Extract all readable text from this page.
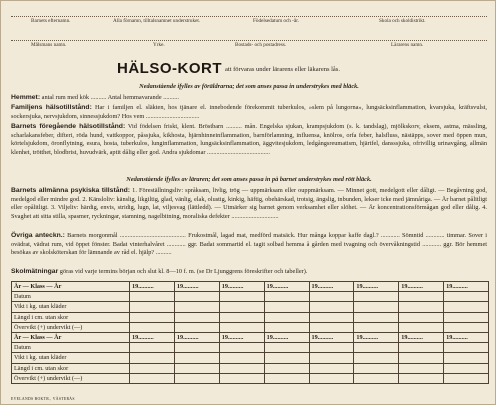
Barnets efternamn.	Alla förnamn, tilltalsnamnet understruket.	Födelsedatum och -år.	Skola och skoldistrikt.
Målsmans namn.	Yrke.	Bostads- och postadress.	Lärarens namn.
HÄLSO-KORT att förvaras under lärarens eller läkarens lås.
Nedanstående ifylles av föräldrarna; det som anses passa in understrykes med bläck.
Hemmet: antal rum med kök .......... Antal hemmavarande ..........
Familjens hälsotillstånd: Har i familjen el. släkten, hos tjänare el. innebodende förekommit tuberkulos, »slem på lungorna», lungsäcksinflammation, kvarsjuka, kräftsvulst, sockersjuka, nervsjukdom, sinnessjukdom? Hos vem ..................................
Barnets föregående hälsotillstånd: Vid födelsen friskt, klent. Bröstbarn .......... mån. Engelska sjukan, krampsjukdom (s. k. tandslag), mjölkskorv, eksem, astma, mässling, scharlakansfeber, difteri, röda hund, vattkoppor, påssjuka, kikhosta, hjärnhinneinflammation, barnförlamning, influensa, knölros, orfa feber, halsfluss, nästäpps, sover med öppen mun, körtelsjukdom, öronflytning, esura, hosta, tuberkulos, lunginflammation, lungsäcksinflammation, äggvitesjukdom, ledgångsreumatism, hjärtfel, dansssjuka, ofrivillig urinavgång, allmän klenhet, trötthet, blodbrist, huvudvärk, aptit dålig eller god. Andra sjukdomar ........................................
Nedanstående ifylles av läraren; det som anses passa in på barnet understrykes med rött bläck.
Barnets allmänna psykiska tillstånd: 1. Föreställningsliv: språksam, livlig, trög — uppmärksam eller ouppmärksam. — Minnet gott, medelgott eller dåligt. — Begåvning god, medelgod eller mindre god. 2. Känsloliv: känslig, likgiltig, glad, vänlig, elak, olustig, kinkig, häftig, obehärskad, trotsig, ängslig, inbunden, lekser icke med jämnåriga. — Är barnet pålitligt eller opålitligt. 3. Viljeliv: härdig, envis, stridig, lugn, lat, viljesvag (lättledd). — Utmärker sig barnet genom verksamhet eller slöhet. — Är koncentrationsförmågan god eller dålig. 4. Svaghet att sitta stilla, spasmer, ryckningar, stamning, nagelbitning, moraliska defekter ..............................
Övriga anteckn.: Barnets morgonmål .......................................... Frukostmål, lagad mat, medförd matsäck. Hur många koppar kaffe dagl.? ............ Sömntid ............ timmar. Sover i ovädrat, vädrat rum, vid öppet fönster. Badat vinterhalvåret ............ ggr. Badat sommartid el. tagit solbad hemma å gården med tvagning och övervåkningstid ............ ggr. Bör hemmet besökas av skolsköterskan för lämnande av råd el. hjälp? ..........
Skolmätningar göras vid varje termins början och slut kl. 8—10 f. m. (se Dr Ljunggrens föreskrifter och tabeller).
År — Klass — År	19..........	19..........	19..........	19..........	19..........	19..........	19..........	19..........
Datum								
Vikt i kg. utan kläder								
Längd i cm. utan skor								
Övervikt (+) undervikt (—)								
År — Klass — År	19..........	19..........	19..........	19..........	19..........	19..........	19..........	19..........
Datum								
Vikt i kg. utan kläder								
Längd i cm. utan skor								
Övervikt (+) undervikt (—)								
EVELANDS BOKTR., VÄSTERÅS
